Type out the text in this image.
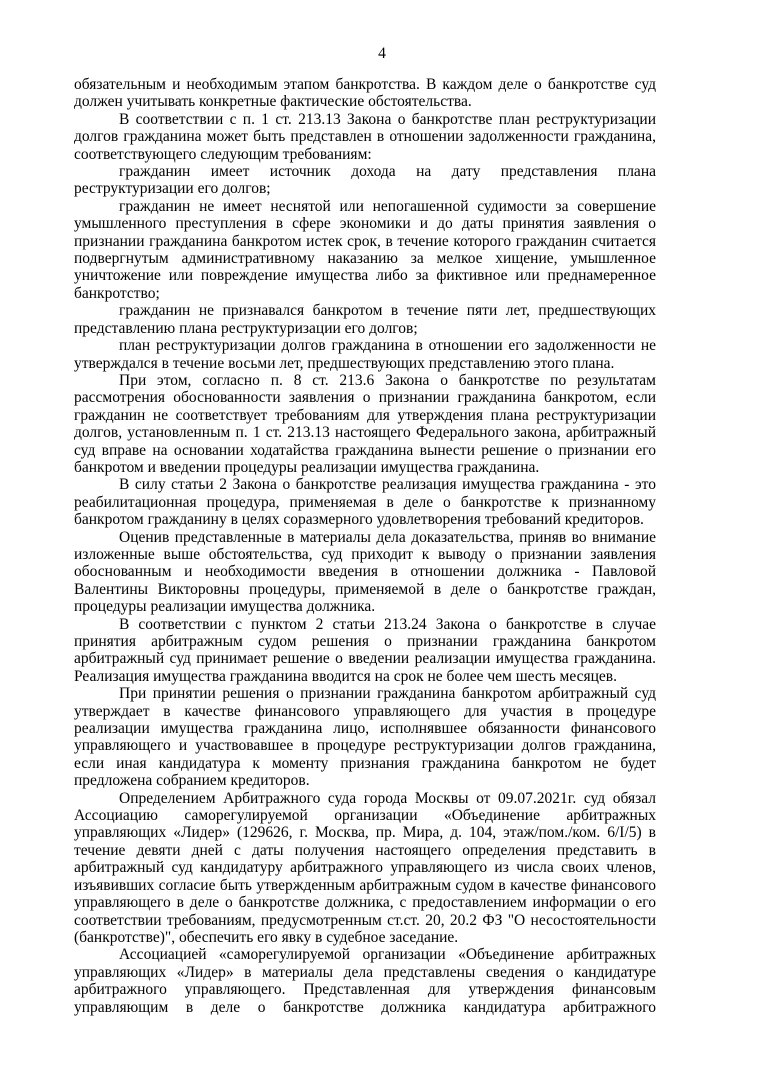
4

обязательным и необходимым этапом банкротства. В каждом деле о банкротстве суд должен учитывать конкретные фактические обстоятельства.

В соответствии с п. 1 ст. 213.13 Закона о банкротстве план реструктуризации долгов гражданина может быть представлен в отношении задолженности гражданина, соответствующего следующим требованиям:

гражданин имеет источник дохода на дату представления плана реструктуризации его долгов;

гражданин не имеет неснятой или непогашенной судимости за совершение умышленного преступления в сфере экономики и до даты принятия заявления о признании гражданина банкротом истек срок, в течение которого гражданин считается подвергнутым административному наказанию за мелкое хищение, умышленное уничтожение или повреждение имущества либо за фиктивное или преднамеренное банкротство;

гражданин не признавался банкротом в течение пяти лет, предшествующих представлению плана реструктуризации его долгов;

план реструктуризации долгов гражданина в отношении его задолженности не утверждался в течение восьми лет, предшествующих представлению этого плана.

При этом, согласно п. 8 ст. 213.6 Закона о банкротстве по результатам рассмотрения обоснованности заявления о признании гражданина банкротом, если гражданин не соответствует требованиям для утверждения плана реструктуризации долгов, установленным п. 1 ст. 213.13 настоящего Федерального закона, арбитражный суд вправе на основании ходатайства гражданина вынести решение о признании его банкротом и введении процедуры реализации имущества гражданина.

В силу статьи 2 Закона о банкротстве реализация имущества гражданина - это реабилитационная процедура, применяемая в деле о банкротстве к признанному банкротом гражданину в целях соразмерного удовлетворения требований кредиторов.

Оценив представленные в материалы дела доказательства, приняв во внимание изложенные выше обстоятельства, суд приходит к выводу о признании заявления обоснованным и необходимости введения в отношении должника - Павловой Валентины Викторовны процедуры, применяемой в деле о банкротстве граждан, процедуры реализации имущества должника.

В соответствии с пунктом 2 статьи 213.24 Закона о банкротстве в случае принятия арбитражным судом решения о признании гражданина банкротом арбитражный суд принимает решение о введении реализации имущества гражданина. Реализация имущества гражданина вводится на срок не более чем шесть месяцев.

При принятии решения о признании гражданина банкротом арбитражный суд утверждает в качестве финансового управляющего для участия в процедуре реализации имущества гражданина лицо, исполнявшее обязанности финансового управляющего и участвовавшее в процедуре реструктуризации долгов гражданина, если иная кандидатура к моменту признания гражданина банкротом не будет предложена собранием кредиторов.

Определением Арбитражного суда города Москвы от 09.07.2021г. суд обязал Ассоциацию саморегулируемой организации «Объединение арбитражных управляющих «Лидер» (129626, г. Москва, пр. Мира, д. 104, этаж/пом./ком. 6/I/5) в течение девяти дней с даты получения настоящего определения представить в арбитражный суд кандидатуру арбитражного управляющего из числа своих членов, изъявивших согласие быть утвержденным арбитражным судом в качестве финансового управляющего в деле о банкротстве должника, с предоставлением информации о его соответствии требованиям, предусмотренным ст.ст. 20, 20.2 ФЗ "О несостоятельности (банкротстве)", обеспечить его явку в судебное заседание.

Ассоциацией «саморегулируемой организации «Объединение арбитражных управляющих «Лидер» в материалы дела представлены сведения о кандидатуре арбитражного управляющего. Представленная для утверждения финансовым управляющим в деле о банкротстве должника кандидатура арбитражного
